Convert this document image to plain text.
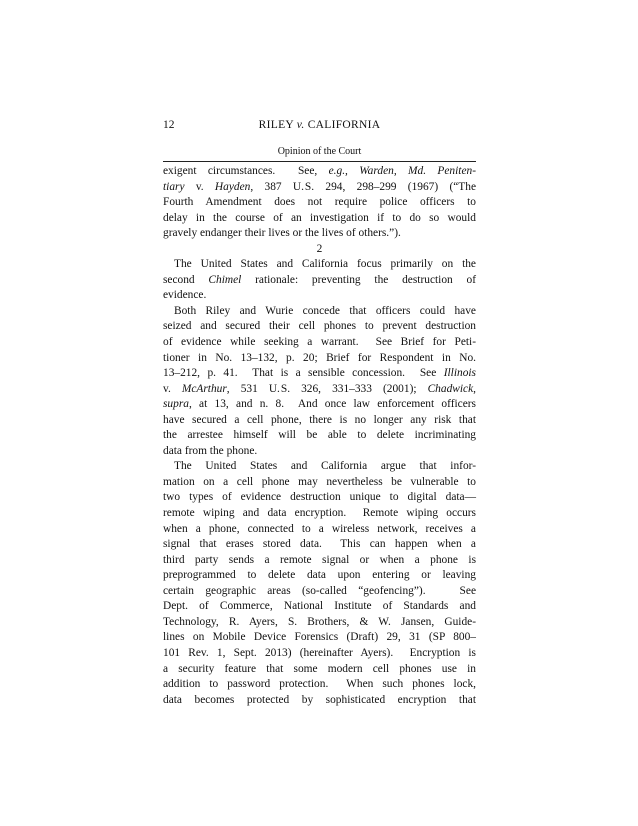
12	RILEY v. CALIFORNIA
Opinion of the Court
exigent circumstances.  See, e.g., Warden, Md. Peniten-
tiary v. Hayden, 387 U. S. 294, 298–299 (1967) (“The
Fourth Amendment does not require police officers to
delay in the course of an investigation if to do so would
gravely endanger their lives or the lives of others.”).
2
The United States and California focus primarily on the
second Chimel rationale: preventing the destruction of
evidence.
Both Riley and Wurie concede that officers could have
seized and secured their cell phones to prevent destruction
of evidence while seeking a warrant.  See Brief for Peti-
tioner in No. 13–132, p. 20; Brief for Respondent in No.
13–212, p. 41.  That is a sensible concession.  See Illinois
v. McArthur, 531 U. S. 326, 331–333 (2001); Chadwick,
supra, at 13, and n. 8.  And once law enforcement officers
have secured a cell phone, there is no longer any risk that
the arrestee himself will be able to delete incriminating
data from the phone.
The United States and California argue that infor-
mation on a cell phone may nevertheless be vulnerable to
two types of evidence destruction unique to digital data—
remote wiping and data encryption.  Remote wiping occurs
when a phone, connected to a wireless network, receives a
signal that erases stored data.  This can happen when a
third party sends a remote signal or when a phone is
preprogrammed to delete data upon entering or leaving
certain geographic areas (so-called “geofencing”).   See
Dept. of Commerce, National Institute of Standards and
Technology, R. Ayers, S. Brothers, & W. Jansen, Guide-
lines on Mobile Device Forensics (Draft) 29, 31 (SP 800–
101 Rev. 1, Sept. 2013) (hereinafter Ayers).  Encryption is
a security feature that some modern cell phones use in
addition to password protection.  When such phones lock,
data becomes protected by sophisticated encryption that
